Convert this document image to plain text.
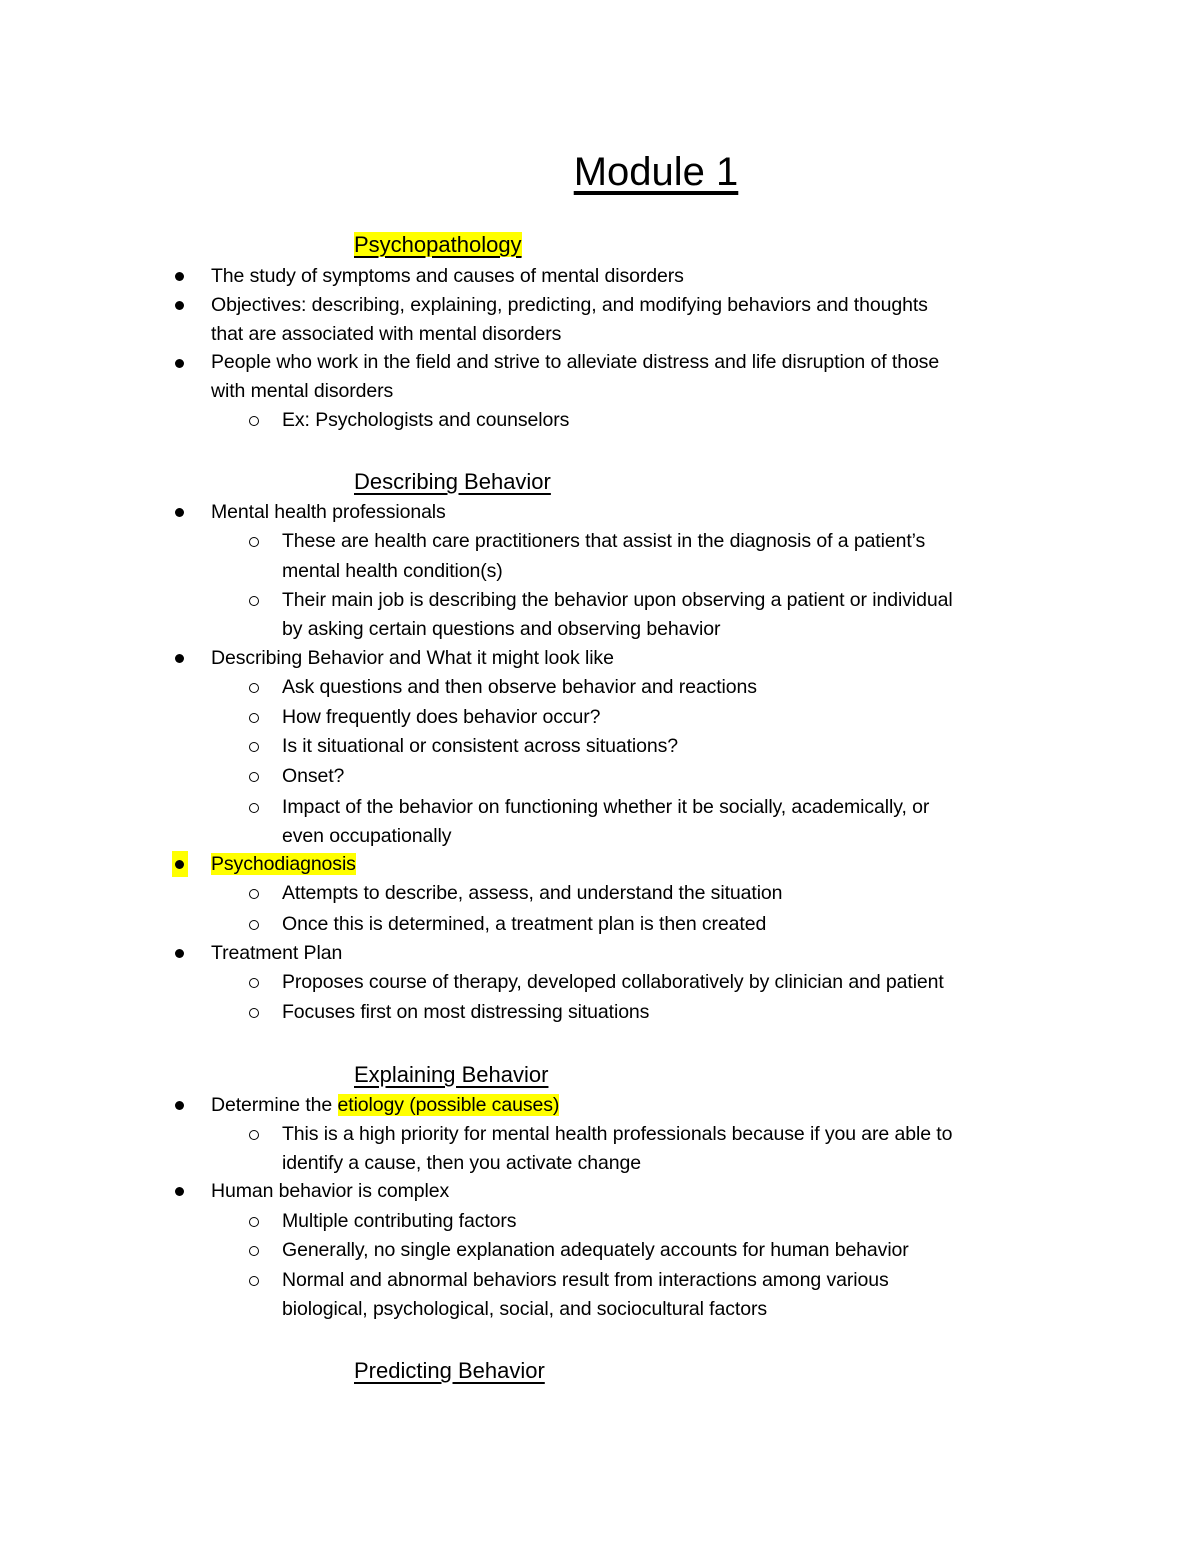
Module 1
Psychopathology
The study of symptoms and causes of mental disorders
Objectives: describing, explaining, predicting, and modifying behaviors and thoughts
that are associated with mental disorders
People who work in the field and strive to alleviate distress and life disruption of those
with mental disorders
Ex: Psychologists and counselors
Describing Behavior
Mental health professionals
These are health care practitioners that assist in the diagnosis of a patient’s
mental health condition(s)
Their main job is describing the behavior upon observing a patient or individual
by asking certain questions and observing behavior
Describing Behavior and What it might look like
Ask questions and then observe behavior and reactions
How frequently does behavior occur?
Is it situational or consistent across situations?
Onset?
Impact of the behavior on functioning whether it be socially, academically, or
even occupationally
Psychodiagnosis
Attempts to describe, assess, and understand the situation
Once this is determined, a treatment plan is then created
Treatment Plan
Proposes course of therapy, developed collaboratively by clinician and patient
Focuses first on most distressing situations
Explaining Behavior
Determine the etiology (possible causes)
This is a high priority for mental health professionals because if you are able to
identify a cause, then you activate change
Human behavior is complex
Multiple contributing factors
Generally, no single explanation adequately accounts for human behavior
Normal and abnormal behaviors result from interactions among various
biological, psychological, social, and sociocultural factors
Predicting Behavior
